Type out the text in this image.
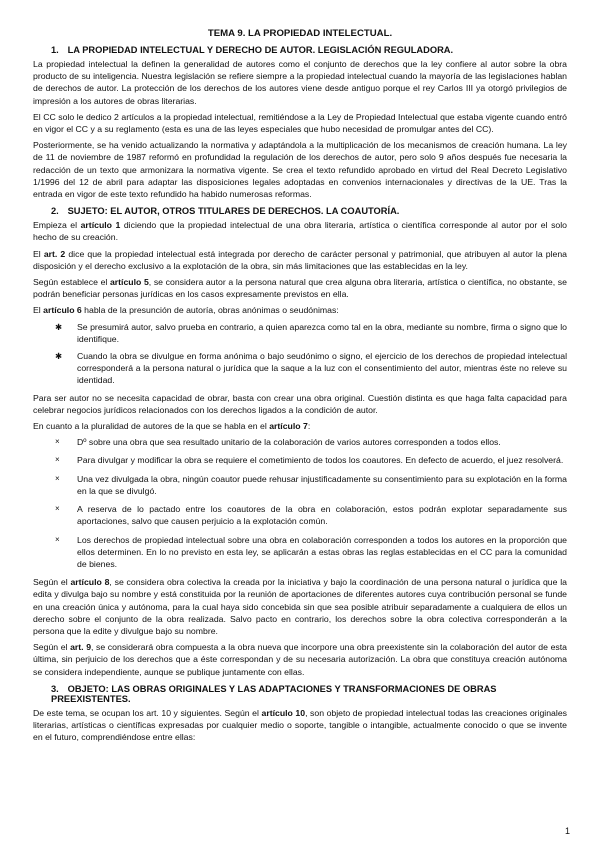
TEMA 9. LA PROPIEDAD INTELECTUAL.
1. LA PROPIEDAD INTELECTUAL Y DERECHO DE AUTOR. LEGISLACIÓN REGULADORA.

La propiedad intelectual la definen la generalidad de autores como el conjunto de derechos que la ley confiere al autor sobre la obra producto de su inteligencia. Nuestra legislación se refiere siempre a la propiedad intelectual cuando la mayoría de las legislaciones hablan de derechos de autor. La protección de los derechos de los autores viene desde antiguo porque el rey Carlos III ya otorgó privilegios de impresión a los autores de obras literarias.

El CC solo le dedico 2 artículos a la propiedad intelectual, remitiéndose a la Ley de Propiedad Intelectual que estaba vigente cuando entró en vigor el CC y a su reglamento (esta es una de las leyes especiales que hubo necesidad de promulgar antes del CC).

Posteriormente, se ha venido actualizando la normativa y adaptándola a la multiplicación de los mecanismos de creación humana. La ley de 11 de noviembre de 1987 reformó en profundidad la regulación de los derechos de autor, pero solo 9 años después fue necesaria la redacción de un texto que armonizara la normativa vigente. Se crea el texto refundido aprobado en virtud del Real Decreto Legislativo 1/1996 del 12 de abril para adaptar las disposiciones legales adoptadas en convenios internacionales y directivas de la UE. Tras la entrada en vigor de este texto refundido ha habido numerosas reformas.

2. SUJETO: EL AUTOR, OTROS TITULARES DE DERECHOS. LA COAUTORÍA.

Empieza el artículo 1 diciendo que la propiedad intelectual de una obra literaria, artística o científica corresponde al autor por el solo hecho de su creación.

El art. 2 dice que la propiedad intelectual está integrada por derecho de carácter personal y patrimonial, que atribuyen al autor la plena disposición y el derecho exclusivo a la explotación de la obra, sin más limitaciones que las establecidas en la ley.

Según establece el artículo 5, se considera autor a la persona natural que crea alguna obra literaria, artística o científica, no obstante, se podrán beneficiar personas jurídicas en los casos expresamente previstos en ella.

El artículo 6 habla de la presunción de autoría, obras anónimas o seudónimas:

✱ Se presumirá autor, salvo prueba en contrario, a quien aparezca como tal en la obra, mediante su nombre, firma o signo que lo identifique.
✱ Cuando la obra se divulgue en forma anónima o bajo seudónimo o signo, el ejercicio de los derechos de propiedad intelectual corresponderá a la persona natural o jurídica que la saque a la luz con el consentimiento del autor, mientras éste no releve su identidad.

Para ser autor no se necesita capacidad de obrar, basta con crear una obra original. Cuestión distinta es que haga falta capacidad para celebrar negocios jurídicos relacionados con los derechos ligados a la condición de autor.

En cuanto a la pluralidad de autores de la que se habla en el artículo 7:

× Dº sobre una obra que sea resultado unitario de la colaboración de varios autores corresponden a todos ellos.
× Para divulgar y modificar la obra se requiere el cometimiento de todos los coautores. En defecto de acuerdo, el juez resolverá.
× Una vez divulgada la obra, ningún coautor puede rehusar injustificadamente su consentimiento para su explotación en la forma en la que se divulgó.
× A reserva de lo pactado entre los coautores de la obra en colaboración, estos podrán explotar separadamente sus aportaciones, salvo que causen perjuicio a la explotación común.
× Los derechos de propiedad intelectual sobre una obra en colaboración corresponden a todos los autores en la proporción que ellos determinen. En lo no previsto en esta ley, se aplicarán a estas obras las reglas establecidas en el CC para la comunidad de bienes.

Según el artículo 8, se considera obra colectiva la creada por la iniciativa y bajo la coordinación de una persona natural o jurídica que la edita y divulga bajo su nombre y está constituida por la reunión de aportaciones de diferentes autores cuya contribución personal se funde en una creación única y autónoma, para la cual haya sido concebida sin que sea posible atribuir separadamente a cualquiera de ellos un derecho sobre el conjunto de la obra realizada. Salvo pacto en contrario, los derechos sobre la obra colectiva corresponderán a la persona que la edite y divulgue bajo su nombre.

Según el art. 9, se considerará obra compuesta a la obra nueva que incorpore una obra preexistente sin la colaboración del autor de esta última, sin perjuicio de los derechos que a éste correspondan y de su necesaria autorización. La obra que constituya creación autónoma se considera independiente, aunque se publique juntamente con ellas.

3. OBJETO: LAS OBRAS ORIGINALES Y LAS ADAPTACIONES Y TRANSFORMACIONES DE OBRAS PREEXISTENTES.

De este tema, se ocupan los art. 10 y siguientes. Según el artículo 10, son objeto de propiedad intelectual todas las creaciones originales literarias, artísticas o científicas expresadas por cualquier medio o soporte, tangible o intangible, actualmente conocido o que se invente en el futuro, comprendiéndose entre ellas:

1
